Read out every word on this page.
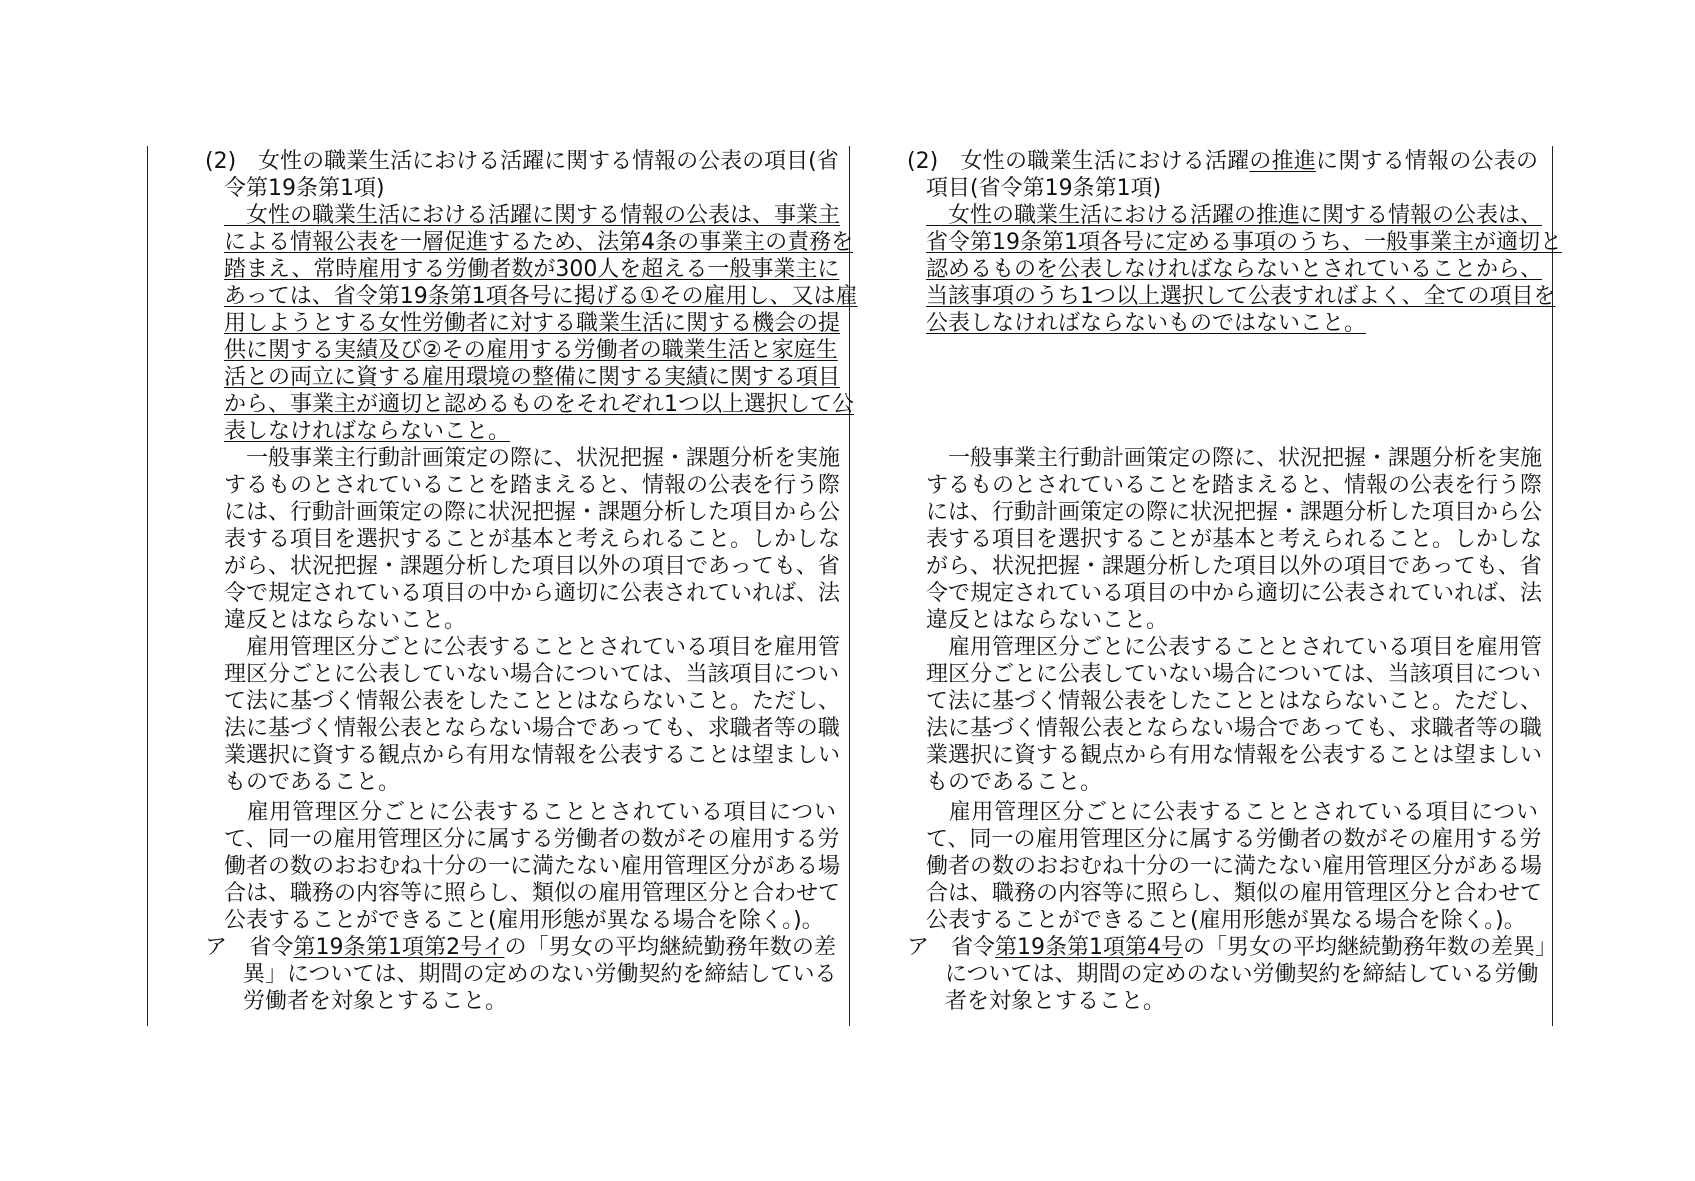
(2)　女性の職業生活における活躍に関する情報の公表の項目(省
令第19条第1項)
　女性の職業生活における活躍に関する情報の公表は、事業主
による情報公表を一層促進するため、法第4条の事業主の責務を
踏まえ、常時雇用する労働者数が300人を超える一般事業主に
あっては、省令第19条第1項各号に掲げる①その雇用し、又は雇
用しようとする女性労働者に対する職業生活に関する機会の提
供に関する実績及び②その雇用する労働者の職業生活と家庭生
活との両立に資する雇用環境の整備に関する実績に関する項目
から、事業主が適切と認めるものをそれぞれ1つ以上選択して公
表しなければならないこと。
　一般事業主行動計画策定の際に、状況把握・課題分析を実施
するものとされていることを踏まえると、情報の公表を行う際
には、行動計画策定の際に状況把握・課題分析した項目から公
表する項目を選択することが基本と考えられること。しかしな
がら、状況把握・課題分析した項目以外の項目であっても、省
令で規定されている項目の中から適切に公表されていれば、法
違反とはならないこと。
　雇用管理区分ごとに公表することとされている項目を雇用管
理区分ごとに公表していない場合については、当該項目につい
て法に基づく情報公表をしたこととはならないこと。ただし、
法に基づく情報公表とならない場合であっても、求職者等の職
業選択に資する観点から有用な情報を公表することは望ましい
ものであること。
　雇用管理区分ごとに公表することとされている項目につい
て、同一の雇用管理区分に属する労働者の数がその雇用する労
働者の数のおおむね十分の一に満たない雇用管理区分がある場
合は、職務の内容等に照らし、類似の雇用管理区分と合わせて
公表することができること(雇用形態が異なる場合を除く。)。
ア　省令第19条第1項第2号イの「男女の平均継続勤務年数の差
異」については、期間の定めのない労働契約を締結している
労働者を対象とすること。
(2)　女性の職業生活における活躍の推進に関する情報の公表の
項目(省令第19条第1項)
　女性の職業生活における活躍の推進に関する情報の公表は、
省令第19条第1項各号に定める事項のうち、一般事業主が適切と
認めるものを公表しなければならないとされていることから、
当該事項のうち1つ以上選択して公表すればよく、全ての項目を
公表しなければならないものではないこと。
　一般事業主行動計画策定の際に、状況把握・課題分析を実施
するものとされていることを踏まえると、情報の公表を行う際
には、行動計画策定の際に状況把握・課題分析した項目から公
表する項目を選択することが基本と考えられること。しかしな
がら、状況把握・課題分析した項目以外の項目であっても、省
令で規定されている項目の中から適切に公表されていれば、法
違反とはならないこと。
　雇用管理区分ごとに公表することとされている項目を雇用管
理区分ごとに公表していない場合については、当該項目につい
て法に基づく情報公表をしたこととはならないこと。ただし、
法に基づく情報公表とならない場合であっても、求職者等の職
業選択に資する観点から有用な情報を公表することは望ましい
ものであること。
　雇用管理区分ごとに公表することとされている項目につい
て、同一の雇用管理区分に属する労働者の数がその雇用する労
働者の数のおおむね十分の一に満たない雇用管理区分がある場
合は、職務の内容等に照らし、類似の雇用管理区分と合わせて
公表することができること(雇用形態が異なる場合を除く。)。
ア　省令第19条第1項第4号の「男女の平均継続勤務年数の差異」
については、期間の定めのない労働契約を締結している労働
者を対象とすること。
